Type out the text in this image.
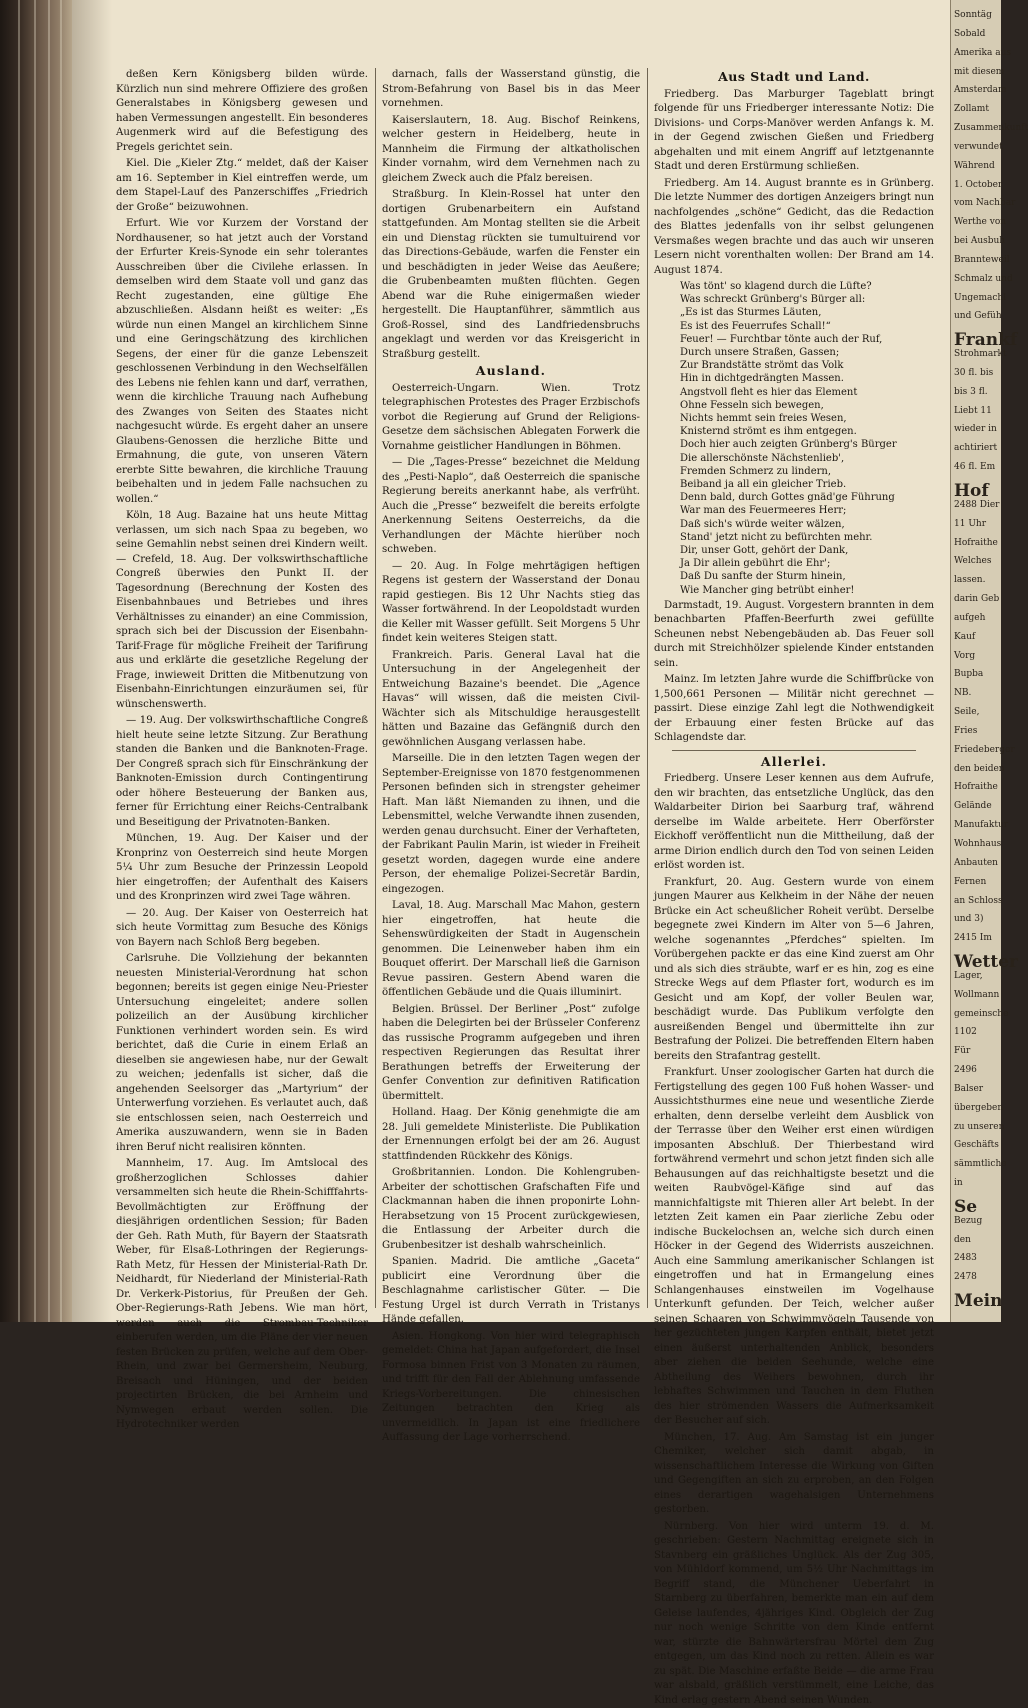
deßen Kern Königsberg bilden würde. Kürzlich nun sind mehrere Offiziere des großen Generalstabes in Königsberg gewesen und haben Vermessungen angestellt. Ein besonderes Augenmerk wird auf die Befestigung des Pregels gerichtet sein.

Kiel. Die „Kieler Ztg.“ meldet, daß der Kaiser am 16. September in Kiel eintreffen werde, um dem Stapel-Lauf des Panzerschiffes „Friedrich der Große“ beizuwohnen.

Erfurt. Wie vor Kurzem der Vorstand der Nordhausener, so hat jetzt auch der Vorstand der Erfurter Kreis-Synode ein sehr tolerantes Ausschreiben über die Civilehe erlassen. In demselben wird dem Staate voll und ganz das Recht zugestanden, eine gültige Ehe abzuschließen. Alsdann heißt es weiter: „Es würde nun einen Mangel an kirchlichem Sinne und eine Geringschätzung des kirchlichen Segens, der einer für die ganze Lebenszeit geschlossenen Verbindung in den Wechselfällen des Lebens nie fehlen kann und darf, verrathen, wenn die kirchliche Trauung nach Aufhebung des Zwanges von Seiten des Staates nicht nachgesucht würde. Es ergeht daher an unsere Glaubens-Genossen die herzliche Bitte und Ermahnung, die gute, von unseren Vätern ererbte Sitte bewahren, die kirchliche Trauung beibehalten und in jedem Falle nachsuchen zu wollen.“

Köln, 18 Aug. Bazaine hat uns heute Mittag verlassen, um sich nach Spaa zu begeben, wo seine Gemahlin nebst seinen drei Kindern weilt. — Crefeld, 18. Aug. Der volkswirthschaftliche Congreß überwies den Punkt II. der Tagesordnung (Berechnung der Kosten des Eisenbahnbaues und Betriebes und ihres Verhältnisses zu einander) an eine Commission, sprach sich bei der Discussion der Eisenbahn-Tarif-Frage für mögliche Freiheit der Tarifirung aus und erklärte die gesetzliche Regelung der Frage, inwieweit Dritten die Mitbenutzung von Eisenbahn-Einrichtungen einzuräumen sei, für wünschenswerth.

— 19. Aug. Der volkswirthschaftliche Congreß hielt heute seine letzte Sitzung. Zur Berathung standen die Banken und die Banknoten-Frage. Der Congreß sprach sich für Einschränkung der Banknoten-Emission durch Contingentirung oder höhere Besteuerung der Banken aus, ferner für Errichtung einer Reichs-Centralbank und Beseitigung der Privatnoten-Banken.

München, 19. Aug. Der Kaiser und der Kronprinz von Oesterreich sind heute Morgen 5¼ Uhr zum Besuche der Prinzessin Leopold hier eingetroffen; der Aufenthalt des Kaisers und des Kronprinzen wird zwei Tage währen.

— 20. Aug. Der Kaiser von Oesterreich hat sich heute Vormittag zum Besuche des Königs von Bayern nach Schloß Berg begeben.

Carlsruhe. Die Vollziehung der bekannten neuesten Ministerial-Verordnung hat schon begonnen; bereits ist gegen einige Neu-Priester Untersuchung eingeleitet; andere sollen polizeilich an der Ausübung kirchlicher Funktionen verhindert worden sein. Es wird berichtet, daß die Curie in einem Erlaß an dieselben sie angewiesen habe, nur der Gewalt zu weichen; jedenfalls ist sicher, daß die angehenden Seelsorger das „Martyrium“ der Unterwerfung vorziehen. Es verlautet auch, daß sie entschlossen seien, nach Oesterreich und Amerika auszuwandern, wenn sie in Baden ihren Beruf nicht realisiren könnten.

Mannheim, 17. Aug. Im Amtslocal des großherzoglichen Schlosses dahier versammelten sich heute die Rhein-Schifffahrts-Bevollmächtigten zur Eröffnung der diesjährigen ordentlichen Session; für Baden der Geh. Rath Muth, für Bayern der Staatsrath Weber, für Elsaß-Lothringen der Regierungs-Rath Metz, für Hessen der Ministerial-Rath Dr. Neidhardt, für Niederland der Ministerial-Rath Dr. Verkerk-Pistorius, für Preußen der Geh. Ober-Regierungs-Rath Jebens. Wie man hört, werden auch die Strombau-Techniker einberufen werden, um die Pläne der vier neuen festen Brücken zu prüfen, welche auf dem Ober-Rhein, und zwar bei Germersheim, Neuburg, Breisach und Hüningen, und der beiden projectirten Brücken, die bei Arnheim und Nymwegen erbaut werden sollen. Die Hydrotechniker werden

darnach, falls der Wasserstand günstig, die Strom-Befahrung von Basel bis in das Meer vornehmen.

Kaiserslautern, 18. Aug. Bischof Reinkens, welcher gestern in Heidelberg, heute in Mannheim die Firmung der altkatholischen Kinder vornahm, wird dem Vernehmen nach zu gleichem Zweck auch die Pfalz bereisen.

Straßburg. In Klein-Rossel hat unter den dortigen Grubenarbeitern ein Aufstand stattgefunden. Am Montag stellten sie die Arbeit ein und Dienstag rückten sie tumultuirend vor das Directions-Gebäude, warfen die Fenster ein und beschädigten in jeder Weise das Aeußere; die Grubenbeamten mußten flüchten. Gegen Abend war die Ruhe einigermaßen wieder hergestellt. Die Hauptanführer, sämmtlich aus Groß-Rossel, sind des Landfriedensbruchs angeklagt und werden vor das Kreisgericht in Straßburg gestellt.

Ausland.

Oesterreich-Ungarn. Wien. Trotz telegraphischen Protestes des Prager Erzbischofs vorbot die Regierung auf Grund der Religions-Gesetze dem sächsischen Ablegaten Forwerk die Vornahme geistlicher Handlungen in Böhmen.

— Die „Tages-Presse“ bezeichnet die Meldung des „Pesti-Naplo“, daß Oesterreich die spanische Regierung bereits anerkannt habe, als verfrüht. Auch die „Presse“ bezweifelt die bereits erfolgte Anerkennung Seitens Oesterreichs, da die Verhandlungen der Mächte hierüber noch schweben.

— 20. Aug. In Folge mehrtägigen heftigen Regens ist gestern der Wasserstand der Donau rapid gestiegen. Bis 12 Uhr Nachts stieg das Wasser fortwährend. In der Leopoldstadt wurden die Keller mit Wasser gefüllt. Seit Morgens 5 Uhr findet kein weiteres Steigen statt.

Frankreich. Paris. General Laval hat die Untersuchung in der Angelegenheit der Entweichung Bazaine's beendet. Die „Agence Havas“ will wissen, daß die meisten Civil-Wächter sich als Mitschuldige herausgestellt hätten und Bazaine das Gefängniß durch den gewöhnlichen Ausgang verlassen habe.

Marseille. Die in den letzten Tagen wegen der September-Ereignisse von 1870 festgenommenen Personen befinden sich in strengster geheimer Haft. Man läßt Niemanden zu ihnen, und die Lebensmittel, welche Verwandte ihnen zusenden, werden genau durchsucht. Einer der Verhafteten, der Fabrikant Paulin Marin, ist wieder in Freiheit gesetzt worden, dagegen wurde eine andere Person, der ehemalige Polizei-Secretär Bardin, eingezogen.

Laval, 18. Aug. Marschall Mac Mahon, gestern hier eingetroffen, hat heute die Sehenswürdigkeiten der Stadt in Augenschein genommen. Die Leinenweber haben ihm ein Bouquet offerirt. Der Marschall ließ die Garnison Revue passiren. Gestern Abend waren die öffentlichen Gebäude und die Quais illuminirt.

Belgien. Brüssel. Der Berliner „Post“ zufolge haben die Delegirten bei der Brüsseler Conferenz das russische Programm aufgegeben und ihren respectiven Regierungen das Resultat ihrer Berathungen betreffs der Erweiterung der Genfer Convention zur definitiven Ratification übermittelt.

Holland. Haag. Der König genehmigte die am 28. Juli gemeldete Ministerliste. Die Publikation der Ernennungen erfolgt bei der am 26. August stattfindenden Rückkehr des Königs.

Großbritannien. London. Die Kohlengruben-Arbeiter der schottischen Grafschaften Fife und Clackmannan haben die ihnen proponirte Lohn-Herabsetzung von 15 Procent zurückgewiesen, die Entlassung der Arbeiter durch die Grubenbesitzer ist deshalb wahrscheinlich.

Spanien. Madrid. Die amtliche „Gaceta“ publicirt eine Verordnung über die Beschlagnahme carlistischer Güter. — Die Festung Urgel ist durch Verrath in Tristanys Hände gefallen.

Asien. Hongkong. Von hier wird telegraphisch gemeldet: China hat Japan aufgefordert, die Insel Formosa binnen Frist von 3 Monaten zu räumen, und trifft für den Fall der Ablehnung umfassende Kriegs-Vorbereitungen. Die chinesischen Zeitungen betrachten den Krieg als unvermeidlich. In Japan ist eine friedlichere Auffassung der Lage vorherrschend.

Aus Stadt und Land.

Friedberg. Das Marburger Tageblatt bringt folgende für uns Friedberger interessante Notiz: Die Divisions- und Corps-Manöver werden Anfangs k. M. in der Gegend zwischen Gießen und Friedberg abgehalten und mit einem Angriff auf letztgenannte Stadt und deren Erstürmung schließen.

Friedberg. Am 14. August brannte es in Grünberg. Die letzte Nummer des dortigen Anzeigers bringt nun nachfolgendes „schöne“ Gedicht, das die Redaction des Blattes jedenfalls von ihr selbst gelungenen Versmaßes wegen brachte und das auch wir unseren Lesern nicht vorenthalten wollen: Der Brand am 14. August 1874.

Was tönt' so klagend durch die Lüfte?
Was schreckt Grünberg's Bürger all:
„Es ist das Sturmes Läuten,
Es ist des Feuerrufes Schall!“
Feuer! — Furchtbar tönte auch der Ruf,
Durch unsere Straßen, Gassen;
Zur Brandstätte strömt das Volk
Hin in dichtgedrängten Massen.
Angstvoll fleht es hier das Element
Ohne Fesseln sich bewegen,
Nichts hemmt sein freies Wesen,
Knisternd strömt es ihm entgegen.
Doch hier auch zeigten Grünberg's Bürger
Die allerschönste Nächstenlieb',
Fremden Schmerz zu lindern,
Beiband ja all ein gleicher Trieb.
Denn bald, durch Gottes gnäd'ge Führung
War man des Feuermeeres Herr;
Daß sich's würde weiter wälzen,
Stand' jetzt nicht zu befürchten mehr.
Dir, unser Gott, gehört der Dank,
Ja Dir allein gebührt die Ehr';
Daß Du sanfte der Sturm hinein,
Wie Mancher ging betrübt einher!

Darmstadt, 19. August. Vorgestern brannten in dem benachbarten Pfaffen-Beerfurth zwei gefüllte Scheunen nebst Nebengebäuden ab. Das Feuer soll durch mit Streichhölzer spielende Kinder entstanden sein.

Mainz. Im letzten Jahre wurde die Schiffbrücke von 1,500,661 Personen — Militär nicht gerechnet — passirt. Diese einzige Zahl legt die Nothwendigkeit der Erbauung einer festen Brücke auf das Schlagendste dar.

Allerlei.

Friedberg. Unsere Leser kennen aus dem Aufrufe, den wir brachten, das entsetzliche Unglück, das den Waldarbeiter Dirion bei Saarburg traf, während derselbe im Walde arbeitete. Herr Oberförster Eickhoff veröffentlicht nun die Mittheilung, daß der arme Dirion endlich durch den Tod von seinen Leiden erlöst worden ist.

Frankfurt, 20. Aug. Gestern wurde von einem jungen Maurer aus Kelkheim in der Nähe der neuen Brücke ein Act scheußlicher Roheit verübt. Derselbe begegnete zwei Kindern im Alter von 5—6 Jahren, welche sogenanntes „Pferdches“ spielten. Im Vorübergehen packte er das eine Kind zuerst am Ohr und als sich dies sträubte, warf er es hin, zog es eine Strecke Wegs auf dem Pflaster fort, wodurch es im Gesicht und am Kopf, der voller Beulen war, beschädigt wurde. Das Publikum verfolgte den ausreißenden Bengel und übermittelte ihn zur Bestrafung der Polizei. Die betreffenden Eltern haben bereits den Strafantrag gestellt.

Frankfurt. Unser zoologischer Garten hat durch die Fertigstellung des gegen 100 Fuß hohen Wasser- und Aussichtsthurmes eine neue und wesentliche Zierde erhalten, denn derselbe verleiht dem Ausblick von der Terrasse über den Weiher erst einen würdigen imposanten Abschluß. Der Thierbestand wird fortwährend vermehrt und schon jetzt finden sich alle Behausungen auf das reichhaltigste besetzt und die weiten Raubvögel-Käfige sind auf das mannichfaltigste mit Thieren aller Art belebt. In der letzten Zeit kamen ein Paar zierliche Zebu oder indische Buckelochsen an, welche sich durch einen Höcker in der Gegend des Widerrists auszeichnen. Auch eine Sammlung amerikanischer Schlangen ist eingetroffen und hat in Ermangelung eines Schlangenhauses einstweilen im Vogelhause Unterkunft gefunden. Der Teich, welcher außer seinen Schaaren von Schwimmvögeln Tausende von her gezüchteten jungen Karpfen enthält, bietet jetzt einen äußerst unterhaltenden Anblick, besonders aber ziehen die beiden Seehunde, welche eine Abtheilung des Weihers bewohnen, durch ihr lebhaftes Schwimmen und Tauchen in dem Fluthen des hier strömenden Wassers die Aufmerksamkeit der Besucher auf sich.

München, 17. Aug. Am Samstag ist ein junger Chemiker, welcher sich damit abgab, in wissenschaftlichem Interesse die Wirkung von Giften und Gegengiften an sich zu erproben, an den Folgen eines derartigen wagehalsigen Unternehmens gestorben.

Nürnberg. Von hier wird unterm 19. d. M. geschrieben: Gestern Nachmittag ereignete sich in Stavnberg ein gräßliches Unglück. Als der Zug 305, von Mühldorf kommend, um 5½ Uhr Nachmittags im Begriff stand, die Münchener Ueberfahrt in Starnberg zu überfahren, bemerkte man ein auf dem Geleise laufendes, 4jähriges Kind. Obgleich der Zug nur noch wenige Schritte von dem Kinde entfernt war, stürzte die Bahnwärtersfrau Mörtel dem Zug entgegen, um das Kind noch zu retten. Allein es war zu spät. Die Maschine erfaßte Beide — die arme Frau war alsbald, gräßlich verstümmelt, eine Leiche, das Kind erlag gestern Abend seinen Wunden.

Sonntäg
Sobald
Amerika aus
mit diesem
Amsterdam
Zollamt
Zusammenkunft
verwundet
Während
1. October
vom Nachbar
Werthe von
bei Ausbuh
Brannteweil
Schmalz und
Ungemachl
und Gefüh
Frankf
Strohmarkt
30 fl. bis
bis 3 fl.
Liebt 11
wieder in
achtiriert
46 fl. Em
Hof
2488 Dier
11 Uhr
Hofraithe
Welches
lassen.
darin Geb
aufgeh
Kauf
Vorg
Bupba
NB.
Seile,
Fries
Friedeberger
den beiden
Hofraithe
Gelände
Manufaktur
Wohnhaus
Anbauten
Fernen
an Schloss
und 3)
2415 Im
Wetter
Lager,
Wollmann
gemeinsche
1102
Für
2496
Balser
übergeben
zu unseren
Geschäfts
sämmtliche
in
Se
Bezug
den
2483
2478
Mein
